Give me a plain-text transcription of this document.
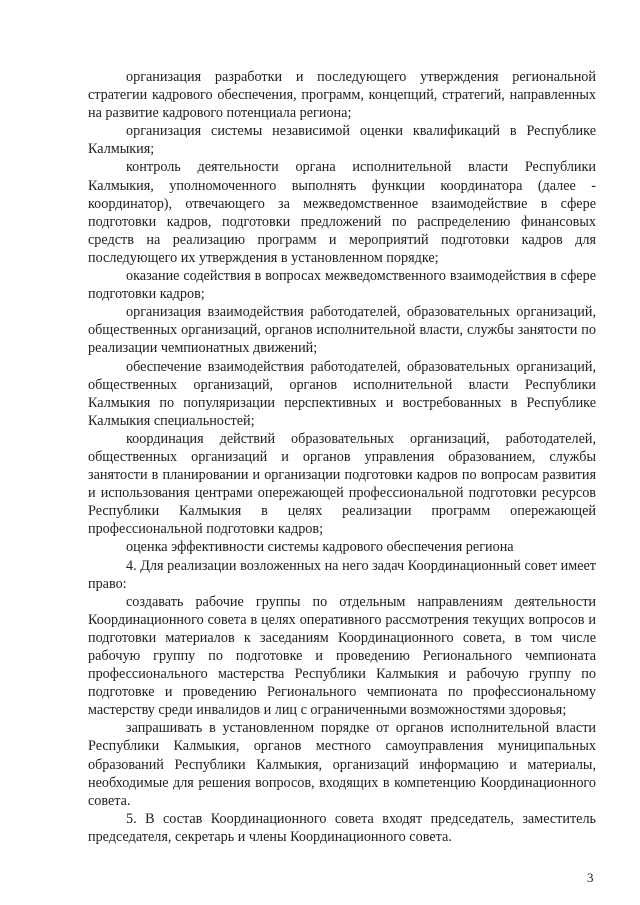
организация разработки и последующего утверждения региональной стратегии кадрового обеспечения, программ, концепций, стратегий, направленных на развитие кадрового потенциала региона;

организация системы независимой оценки квалификаций в Республике Калмыкия;

контроль деятельности органа исполнительной власти Республики Калмыкия, уполномоченного выполнять функции координатора (далее - координатор), отвечающего за межведомственное взаимодействие в сфере подготовки кадров, подготовки предложений по распределению финансовых средств на реализацию программ и мероприятий подготовки кадров для последующего их утверждения в установленном порядке;

оказание содействия в вопросах межведомственного взаимодействия в сфере подготовки кадров;

организация взаимодействия работодателей, образовательных организаций, общественных организаций, органов исполнительной власти, службы занятости по реализации чемпионатных движений;

обеспечение взаимодействия работодателей, образовательных организаций, общественных организаций, органов исполнительной власти Республики Калмыкия по популяризации перспективных и востребованных в Республике Калмыкия специальностей;

координация действий образовательных организаций, работодателей, общественных организаций и органов управления образованием, службы занятости в планировании и организации подготовки кадров по вопросам развития и использования центрами опережающей профессиональной подготовки ресурсов Республики Калмыкия в целях реализации программ опережающей профессиональной подготовки кадров;

оценка эффективности системы кадрового обеспечения региона

4. Для реализации возложенных на него задач Координационный совет имеет право:

создавать рабочие группы по отдельным направлениям деятельности Координационного совета в целях оперативного рассмотрения текущих вопросов и подготовки материалов к заседаниям Координационного совета, в том числе рабочую группу по подготовке и проведению Регионального чемпионата профессионального мастерства Республики Калмыкия и рабочую группу по подготовке и проведению Регионального чемпионата по профессиональному мастерству среди инвалидов и лиц с ограниченными возможностями здоровья;

запрашивать в установленном порядке от органов исполнительной власти Республики Калмыкия, органов местного самоуправления муниципальных образований Республики Калмыкия, организаций информацию и материалы, необходимые для решения вопросов, входящих в компетенцию Координационного совета.

5. В состав Координационного совета входят председатель, заместитель председателя, секретарь и члены Координационного совета.

3
